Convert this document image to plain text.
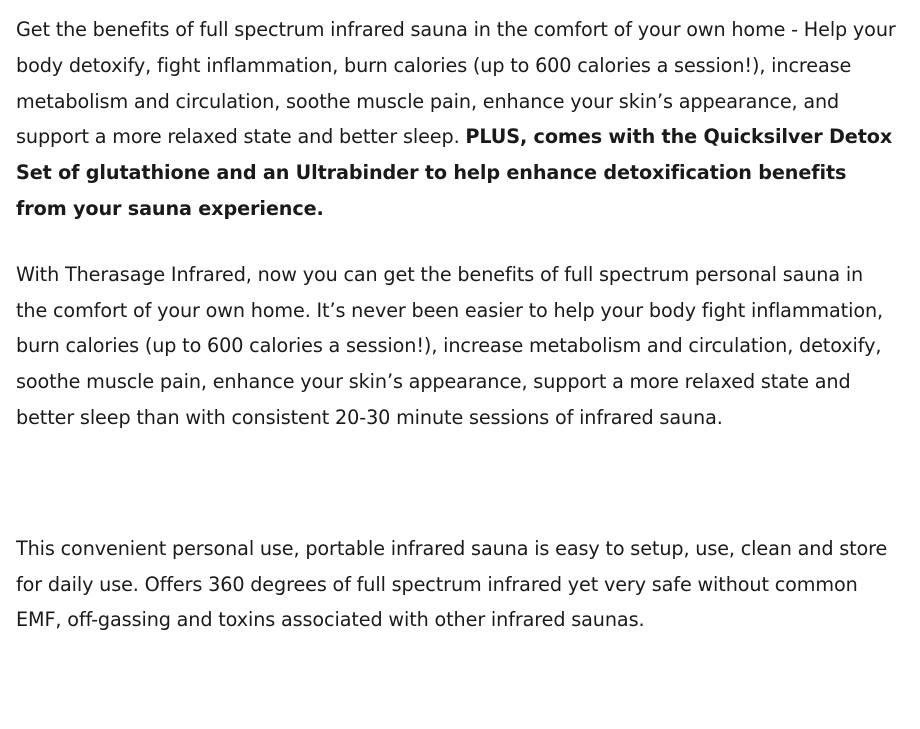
Get the benefits of full spectrum infrared sauna in the comfort of your own home - Help your body detoxify, fight inflammation, burn calories (up to 600 calories a session!), increase metabolism and circulation, soothe muscle pain, enhance your skin’s appearance, and support a more relaxed state and better sleep. PLUS, comes with the Quicksilver Detox Set of glutathione and an Ultrabinder to help enhance detoxification benefits from your sauna experience.

With Therasage Infrared, now you can get the benefits of full spectrum personal sauna in the comfort of your own home. It’s never been easier to help your body fight inflammation, burn calories (up to 600 calories a session!), increase metabolism and circulation, detoxify, soothe muscle pain, enhance your skin’s appearance, support a more relaxed state and better sleep than with consistent 20-30 minute sessions of infrared sauna.

This convenient personal use, portable infrared sauna is easy to setup, use, clean and store for daily use. Offers 360 degrees of full spectrum infrared yet very safe without common EMF, off-gassing and toxins associated with other infrared saunas.
